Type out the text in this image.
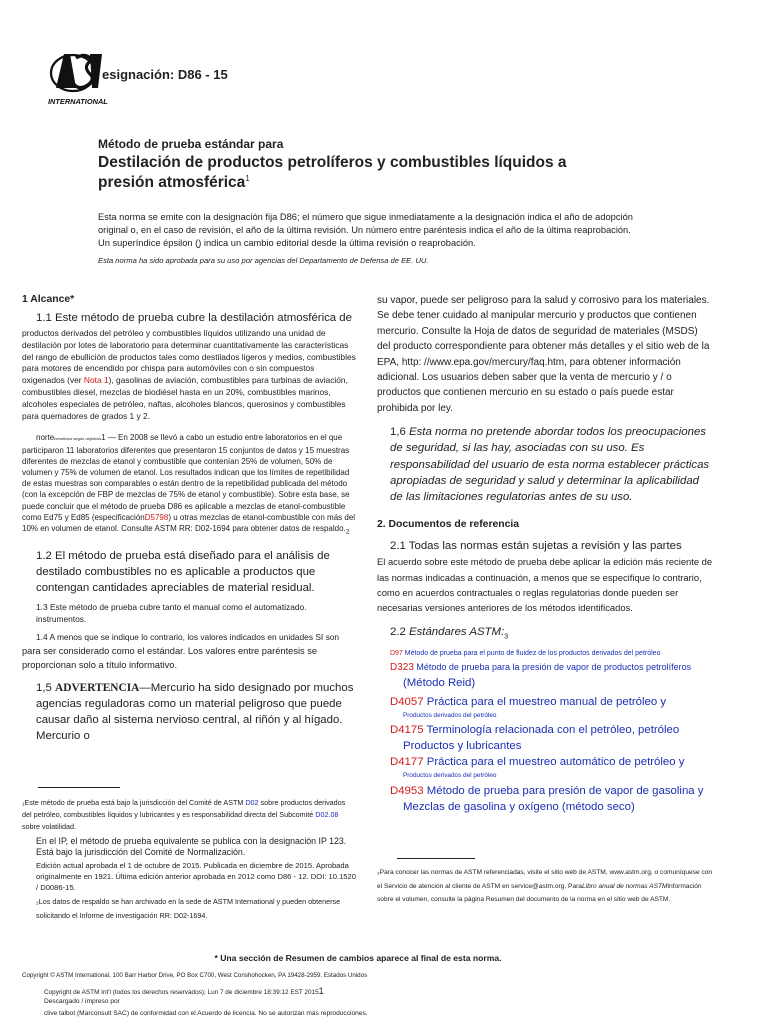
INTERNATIONAL
esignación: D86 - 15
Método de prueba estándar para
Destilación de productos petrolíferos y combustibles líquidos a
presión atmosférica$^1$
Esta norma se emite con la designación fija D86; el número que sigue inmediatamente a la designación indica el año de adopción original o, en el caso de revisión, el año de la última revisión. Un número entre paréntesis indica el año de la última reaprobación. Un superíndice épsilon (ͅ) indica un cambio editorial desde la última revisión o reaprobación.
Esta norma ha sido aprobada para su uso por agencias del Departamento de Defensa de EE. UU.

1 Alcance*

1.1 Este método de prueba cubre la destilación atmosférica de

productos derivados del petróleo y combustibles líquidos utilizando una unidad de destilación por lotes de laboratorio para determinar cuantitativamente las características del rango de ebullición de productos tales como destilados ligeros y medios, combustibles para motores de encendido por chispa para automóviles con o sin compuestos oxigenados (ver Nota 1), gasolinas de aviación, combustibles para turbinas de aviación, combustibles diesel, mezclas de biodiésel hasta en un 20%, combustibles marinos, alcoholes especiales de petróleo, naftas, alcoholes blancos, querosinos y combustibles para quemadores de grados 1 y 2.

nortebeneficios según objetivos1 — En 2008 se llevó a cabo un estudio entre laboratorios en el que participaron 11 laboratorios diferentes que presentaron 15 conjuntos de datos y 15 muestras diferentes de mezclas de etanol y combustible que contenían 25% de volumen, 50% de volumen y 75% de volumen de etanol. Los resultados indican que los límites de repetibilidad de estas muestras son comparables o están dentro de la repetibilidad publicada del método (con la excepción de FBP de mezclas de 75% de etanol y combustible). Sobre esta base, se puede concluir que el método de prueba D86 es aplicable a mezclas de etanol-combustible como Ed75 y Ed85 (especificaciónD5798) u otras mezclas de etanol-combustible con más del 10% en volumen de etanol. Consulte ASTM RR: D02-1694 para obtener datos de $respaldo._2$

1.2 El método de prueba está diseñado para el análisis de destilado combustibles no es aplicable a productos que contengan cantidades apreciables de material residual.

1.3 Este método de prueba cubre tanto el manual como el automatizado. instrumentos.

1.4 A menos que se indique lo contrario, los valores indicados en unidades SI son

para ser considerado como el estándar. Los valores entre paréntesis se proporcionan solo a título informativo.

1,5 ADVERTENCIA—Mercurio ha sido designado por muchos agencias reguladoras como un material peligroso que puede causar daño al sistema nervioso central, al riñón y al hígado. Mercurio o

₁Este método de prueba está bajo la jurisdicción del Comité de ASTM D02 sobre productos derivados del petróleo, combustibles líquidos y lubricantes y es responsabilidad directa del Subcomité D02.08 sobre volatilidad.

En el IP, el método de prueba equivalente se publica con la designación IP 123. Está bajo la jurisdicción del Comité de Normalización.

Edición actual aprobada el 1 de octubre de 2015. Publicada en diciembre de 2015. Aprobada originalmente en 1921. Última edición anterior aprobada en 2012 como D86 - 12. DOI: 10.1520 / D0086-15.

₂Los datos de respaldo se han archivado en la sede de ASTM International y pueden obtenerse solicitando el Informe de investigación RR: D02-1694.

su vapor, puede ser peligroso para la salud y corrosivo para los materiales. Se debe tener cuidado al manipular mercurio y productos que contienen mercurio. Consulte la Hoja de datos de seguridad de materiales (MSDS) del producto correspondiente para obtener más detalles y el sitio web de la EPA, http: //www.epa.gov/mercury/faq.htm, para obtener información adicional. Los usuarios deben saber que la venta de mercurio y / o productos que contienen mercurio en su estado o país puede estar prohibida por ley.

1,6 Esta norma no pretende abordar todos los preocupaciones de seguridad, si las hay, asociadas con su uso. Es responsabilidad del usuario de esta norma establecer prácticas apropiadas de seguridad y salud y determinar la aplicabilidad de las limitaciones regulatorias antes de su uso.

2. Documentos de referencia

2.1 Todas las normas están sujetas a revisión y las partes

El acuerdo sobre este método de prueba debe aplicar la edición más reciente de las normas indicadas a continuación, a menos que se especifique lo contrario, como en acuerdos contractuales o reglas regulatorias donde pueden ser necesarias versiones anteriores de los métodos identificados.

2.2 Estándares $ASTM:_3$

D97 Método de prueba para el punto de fluidez de los productos derivados del petróleo

D323 Método de prueba para la presión de vapor de productos petrolíferos

(Método Reid)

D4057 Práctica para el muestreo manual de petróleo y

Productos derivados del petróleo

D4175 Terminología relacionada con el petróleo, petróleo

Productos y lubricantes

D4177 Práctica para el muestreo automático de petróleo y

Productos derivados del petróleo

D4953 Método de prueba para presión de vapor de gasolina y

Mezclas de gasolina y oxígeno (método seco)

₃Para conocer las normas de ASTM referenciadas, visite el sitio web de ASTM, www.astm.org, o comuníquese con el Servicio de atención al cliente de ASTM en service@astm.org. ParaLibro anual de normas ASTMinformación sobre el volumen, consulte la página Resumen del documento de la norma en el sitio web de ASTM.
* Una sección de Resumen de cambios aparece al final de esta norma.
Copyright © ASTM International, 100 Barr Harbor Drive, PO Box C700, West Conshohocken, PA 19428-2959. Estados Unidos
Copyright de ASTM Int'l (todos los derechos reservados); Lun 7 de diciembre 18:39:12 EST 20151
Descargado / impreso por
clive talbot (Marconsult SAC) de conformidad con el Acuerdo de licencia. No se autorizan más reproducciones.
